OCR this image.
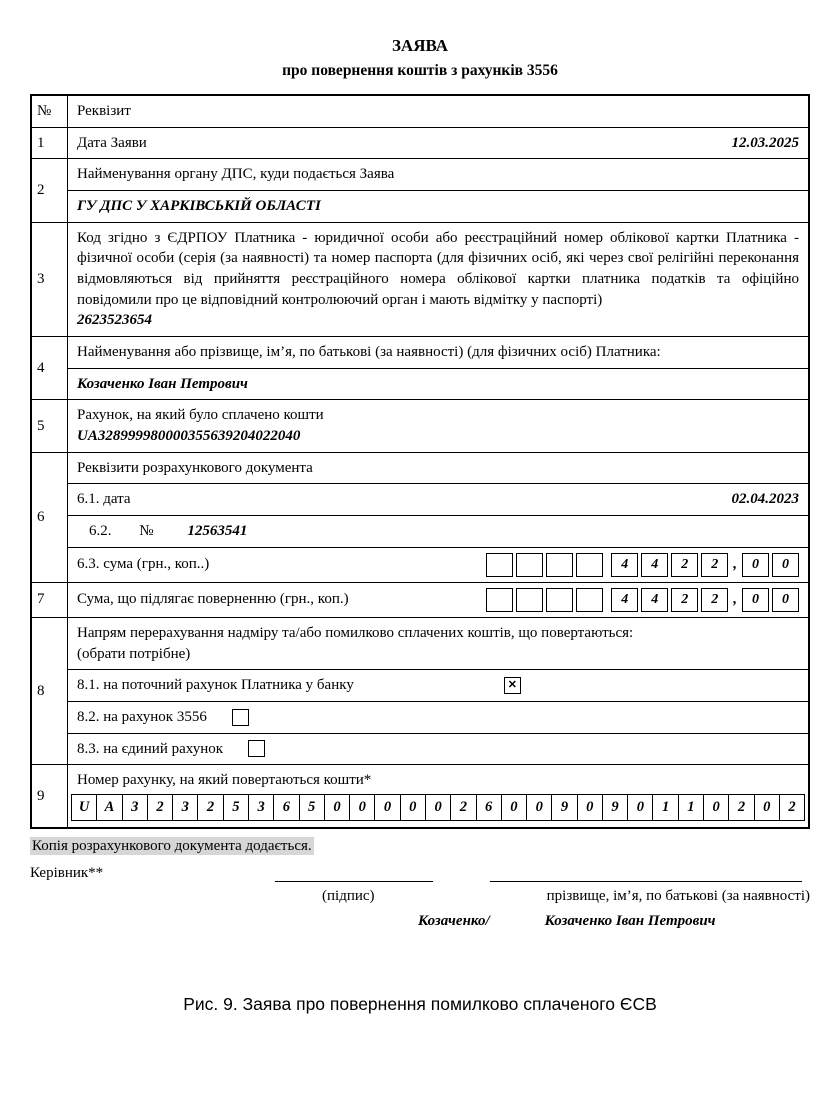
ЗАЯВА
про повернення коштів з рахунків 3556
№	Реквізит
1	Дата Заяви	12.03.2025
2
Найменування органу ДПС, куди подається Заява
ГУ ДПС У ХАРКІВСЬКІЙ ОБЛАСТІ
3
Код згідно з ЄДРПОУ Платника - юридичної особи або реєстраційний номер облікової картки Платника - фізичної особи (серія (за наявності) та номер паспорта (для фізичних осіб, які через свої релігійні переконання відмовляються від прийняття реєстраційного номера облікової картки платника податків та офіційно повідомили про це відповідний контролюючий орган і мають відмітку у паспорті)
2623523654
4
Найменування або прізвище, ім’я, по батькові (за наявності) (для фізичних осіб) Платника:
Козаченко Іван Петрович
5
Рахунок, на який було сплачено кошти
UA328999980000355639204022040
6
Реквізити розрахункового документа
6.1. дата	02.04.2023
6.2. № 12563541
6.3. сума (грн., коп..)	4	4	2	2	,	0	0
7	Сума, що підлягає поверненню (грн., коп.)	4	4	2	2	,	0	0
8
Напрям перерахування надміру та/або помилково сплачених коштів, що повертаються:
(обрати потрібне)
8.1. на поточний рахунок Платника у банку	✕
8.2. на рахунок 3556
8.3. на єдиний рахунок
9
Номер рахунку, на який повертаються кошти*
U	A	3	2	3	2	5	3	6	5	0	0	0	0	0	2	6	0	0	9	0	9	0	1	1	0	2	0	2
Копія розрахункового документа додається.
Керівник**
(підпис)	прізвище, ім’я, по батькові (за наявності)
Козаченко/	Козаченко Іван Петрович
Рис. 9. Заява про повернення помилково сплаченого ЄСВ
